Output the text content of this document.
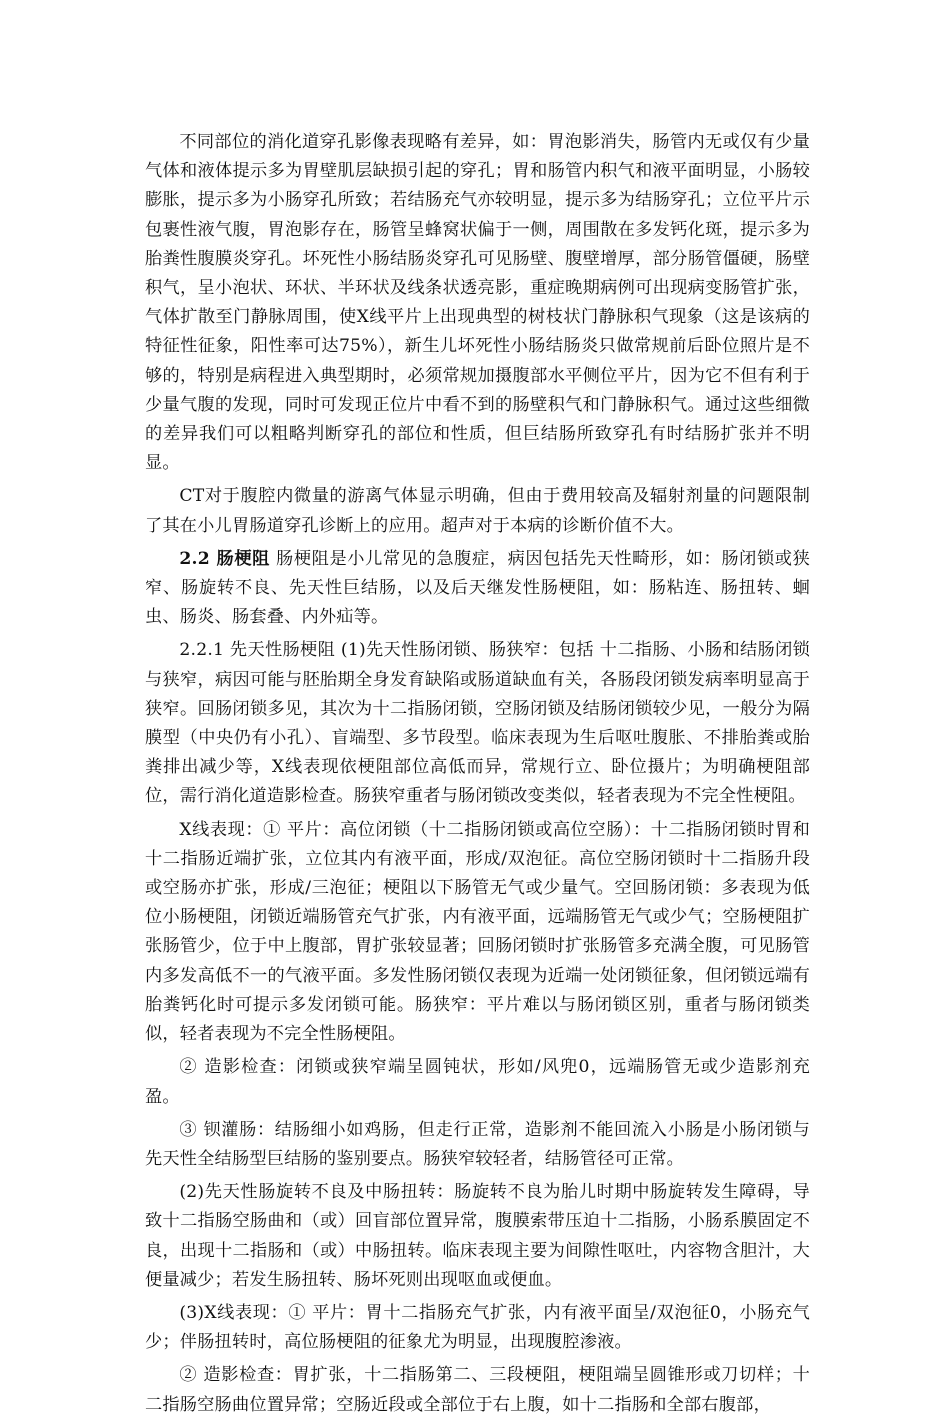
不同部位的消化道穿孔影像表现略有差异，如：胃泡影消失，肠管内无或仅有少量气体和液体提示多为胃壁肌层缺损引起的穿孔；胃和肠管内积气和液平面明显，小肠较膨胀，提示多为小肠穿孔所致；若结肠充气亦较明显，提示多为结肠穿孔；立位平片示包裹性液气腹，胃泡影存在，肠管呈蜂窝状偏于一侧，周围散在多发钙化斑，提示多为胎粪性腹膜炎穿孔。坏死性小肠结肠炎穿孔可见肠壁、腹壁增厚，部分肠管僵硬，肠壁积气，呈小泡状、环状、半环状及线条状透亮影，重症晚期病例可出现病变肠管扩张，气体扩散至门静脉周围，使X线平片上出现典型的树枝状门静脉积气现象（这是该病的特征性征象，阳性率可达75%），新生儿坏死性小肠结肠炎只做常规前后卧位照片是不够的，特别是病程进入典型期时，必须常规加摄腹部水平侧位平片，因为它不但有利于少量气腹的发现，同时可发现正位片中看不到的肠壁积气和门静脉积气。通过这些细微的差异我们可以粗略判断穿孔的部位和性质，但巨结肠所致穿孔有时结肠扩张并不明显。

CT对于腹腔内微量的游离气体显示明确，但由于费用较高及辐射剂量的问题限制了其在小儿胃肠道穿孔诊断上的应用。超声对于本病的诊断价值不大。

2.2 肠梗阻 肠梗阻是小儿常见的急腹症，病因包括先天性畸形，如：肠闭锁或狭窄、肠旋转不良、先天性巨结肠，以及后天继发性肠梗阻，如：肠粘连、肠扭转、蛔虫、肠炎、肠套叠、内外疝等。

2.2.1 先天性肠梗阻 (1)先天性肠闭锁、肠狭窄：包括 十二指肠、小肠和结肠闭锁与狭窄，病因可能与胚胎期全身发育缺陷或肠道缺血有关，各肠段闭锁发病率明显高于狭窄。回肠闭锁多见，其次为十二指肠闭锁，空肠闭锁及结肠闭锁较少见，一般分为隔膜型（中央仍有小孔）、盲端型、多节段型。临床表现为生后呕吐腹胀、不排胎粪或胎粪排出减少等，X线表现依梗阻部位高低而异，常规行立、卧位摄片；为明确梗阻部位，需行消化道造影检查。肠狭窄重者与肠闭锁改变类似，轻者表现为不完全性梗阻。

X线表现：① 平片：高位闭锁（十二指肠闭锁或高位空肠）：十二指肠闭锁时胃和十二指肠近端扩张，立位其内有液平面，形成/双泡征。高位空肠闭锁时十二指肠升段或空肠亦扩张，形成/三泡征；梗阻以下肠管无气或少量气。空回肠闭锁：多表现为低位小肠梗阻，闭锁近端肠管充气扩张，内有液平面，远端肠管无气或少气；空肠梗阻扩张肠管少，位于中上腹部，胃扩张较显著；回肠闭锁时扩张肠管多充满全腹，可见肠管内多发高低不一的气液平面。多发性肠闭锁仅表现为近端一处闭锁征象，但闭锁远端有胎粪钙化时可提示多发闭锁可能。肠狭窄：平片难以与肠闭锁区别，重者与肠闭锁类似，轻者表现为不完全性肠梗阻。

② 造影检查：闭锁或狭窄端呈圆钝状，形如/风兜0，远端肠管无或少造影剂充盈。

③ 钡灌肠：结肠细小如鸡肠，但走行正常，造影剂不能回流入小肠是小肠闭锁与先天性全结肠型巨结肠的鉴别要点。肠狭窄较轻者，结肠管径可正常。

(2)先天性肠旋转不良及中肠扭转：肠旋转不良为胎儿时期中肠旋转发生障碍，导致十二指肠空肠曲和（或）回盲部位置异常，腹膜索带压迫十二指肠，小肠系膜固定不良，出现十二指肠和（或）中肠扭转。临床表现主要为间隙性呕吐，内容物含胆汁，大便量减少；若发生肠扭转、肠坏死则出现呕血或便血。

(3)X线表现：① 平片：胃十二指肠充气扩张，内有液平面呈/双泡征0，小肠充气少；伴肠扭转时，高位肠梗阻的征象尤为明显，出现腹腔渗液。

② 造影检查：胃扩张，十二指肠第二、三段梗阻，梗阻端呈圆锥形或刀切样；十二指肠空肠曲位置异常；空肠近段或全部位于右上腹，如十二指肠和全部右腹部，
